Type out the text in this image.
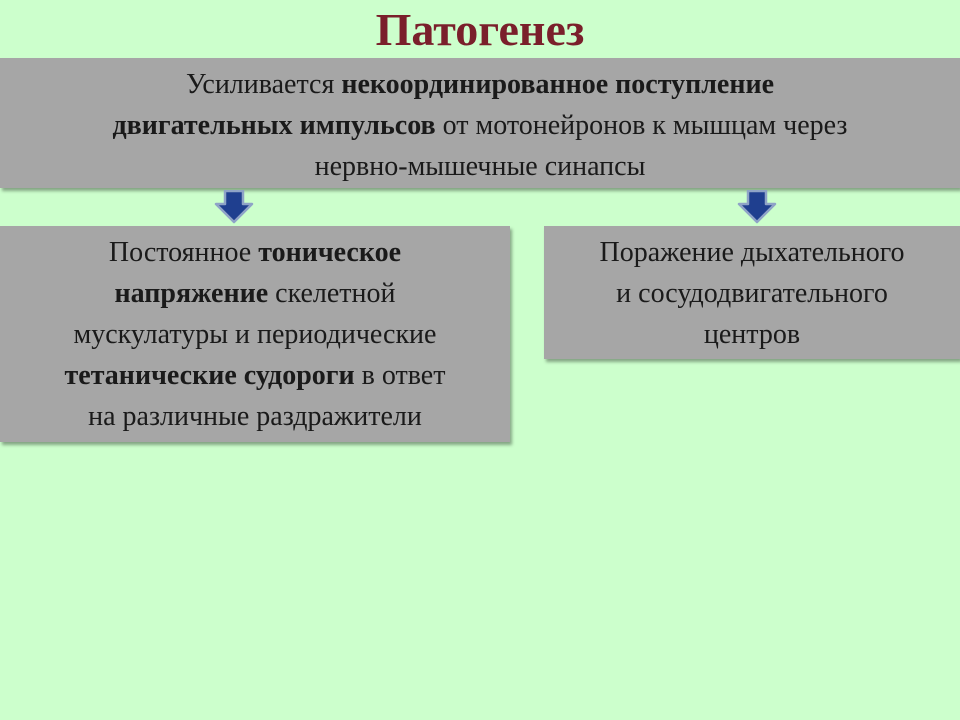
Патогенез
Усиливается некоординированное поступление
двигательных импульсов от мотонейронов к мышцам через
нервно-мышечные синапсы
Постоянное тоническое
напряжение скелетной
мускулатуры и периодические
тетанические судороги в ответ
на различные раздражители
Поражение дыхательного
и сосудодвигательного
центров
